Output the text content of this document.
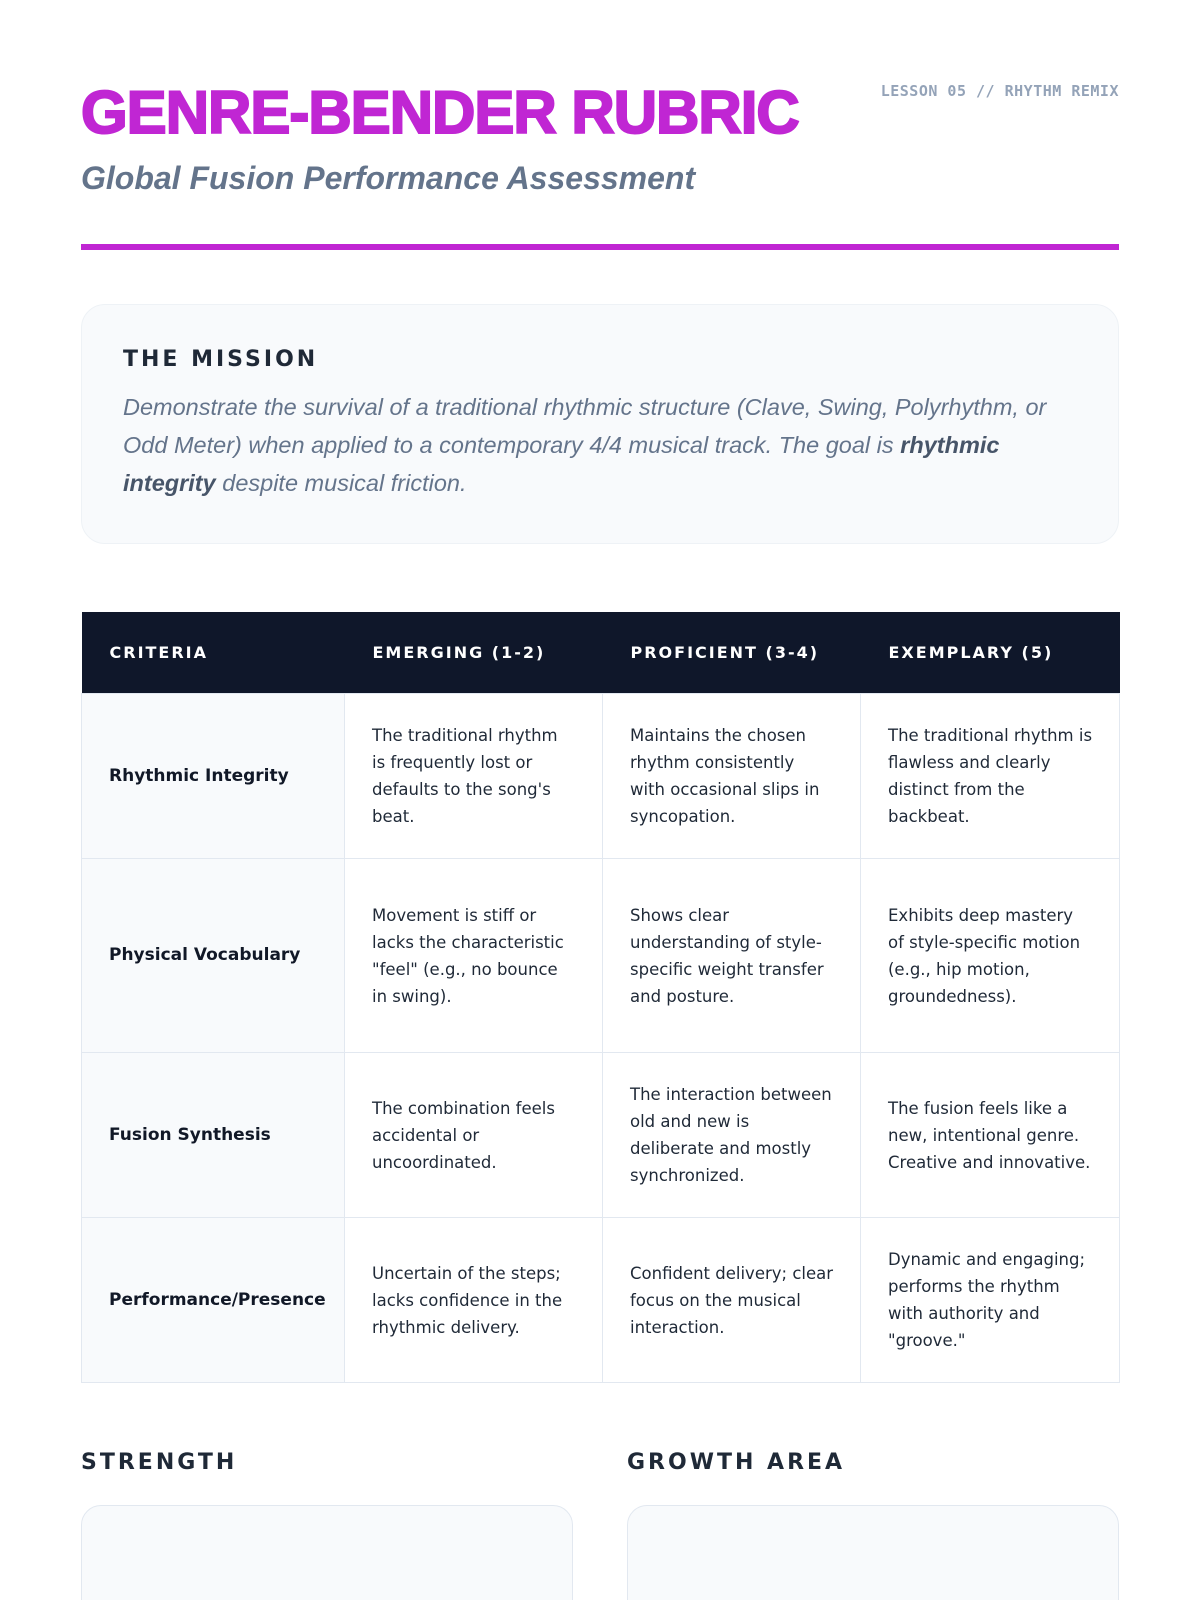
GENRE-BENDER RUBRIC

Global Fusion Performance Assessment

LESSON 05 // RHYTHM REMIX
THE MISSION

Demonstrate the survival of a traditional rhythmic structure (Clave, Swing, Polyrhythm, or Odd Meter) when applied to a contemporary 4/4 musical track. The goal is rhythmic integrity despite musical friction.

CRITERIA	EMERGING (1-2)	PROFICIENT (3-4)	EXEMPLARY (5)
Rhythmic Integrity	The traditional rhythm is frequently lost or defaults to the song's beat.	Maintains the chosen rhythm consistently with occasional slips in syncopation.	The traditional rhythm is flawless and clearly distinct from the backbeat.
Physical Vocabulary	Movement is stiff or lacks the characteristic "feel" (e.g., no bounce in swing).	Shows clear understanding of style-specific weight transfer and posture.	Exhibits deep mastery of style-specific motion (e.g., hip motion, groundedness).
Fusion Synthesis	The combination feels accidental or uncoordinated.	The interaction between old and new is deliberate and mostly synchronized.	The fusion feels like a new, intentional genre. Creative and innovative.
Performance/Presence	Uncertain of the steps; lacks confidence in the rhythmic delivery.	Confident delivery; clear focus on the musical interaction.	Dynamic and engaging; performs the rhythm with authority and "groove."
STRENGTH	GROWTH AREA
